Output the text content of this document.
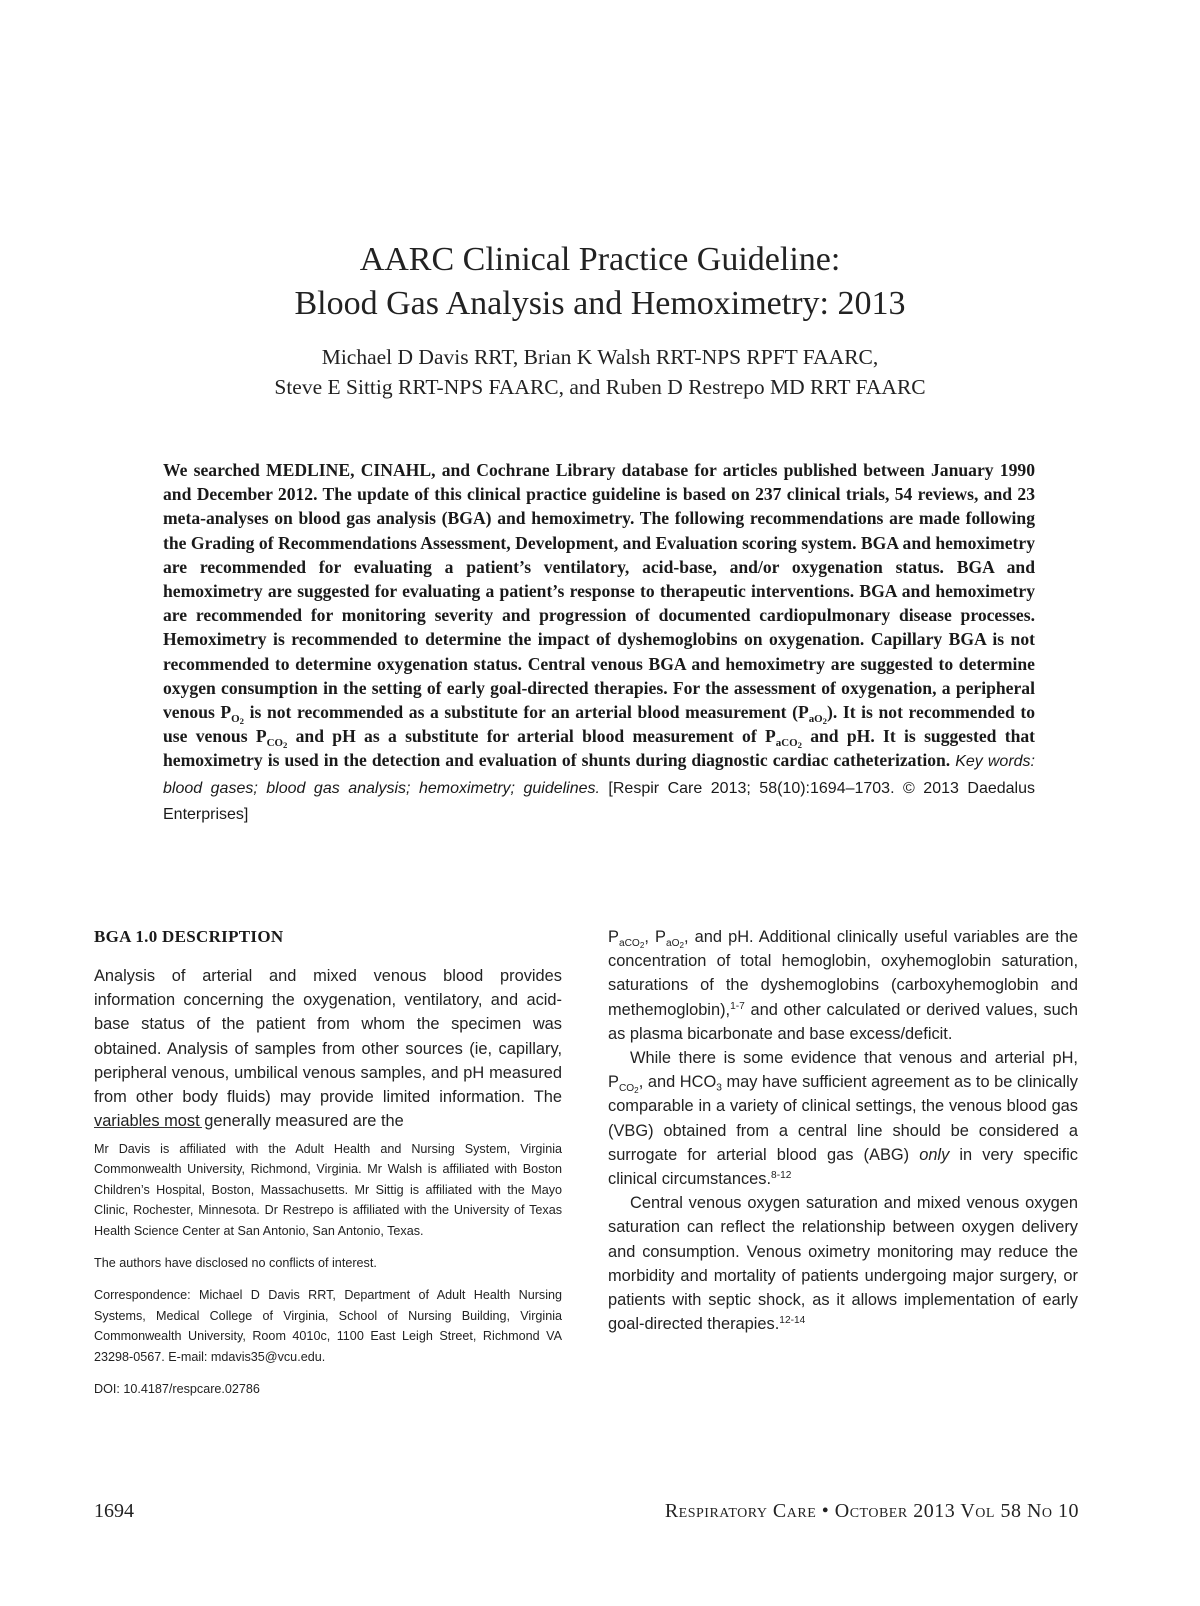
AARC Clinical Practice Guideline:
Blood Gas Analysis and Hemoximetry: 2013
Michael D Davis RRT, Brian K Walsh RRT-NPS RPFT FAARC,
Steve E Sittig RRT-NPS FAARC, and Ruben D Restrepo MD RRT FAARC
We searched MEDLINE, CINAHL, and Cochrane Library database for articles published between January 1990 and December 2012. The update of this clinical practice guideline is based on 237 clinical trials, 54 reviews, and 23 meta-analyses on blood gas analysis (BGA) and hemoximetry. The following recommendations are made following the Grading of Recommendations Assessment, Development, and Evaluation scoring system. BGA and hemoximetry are recommended for evaluating a patient’s ventilatory, acid-base, and/or oxygenation status. BGA and hemoximetry are suggested for evaluating a patient’s response to therapeutic interventions. BGA and hemoximetry are recommended for monitoring severity and progression of documented cardiopulmonary disease processes. Hemoximetry is recommended to determine the impact of dyshemoglobins on oxygenation. Capillary BGA is not recommended to determine oxygenation status. Central venous BGA and hemoximetry are suggested to determine oxygen consumption in the setting of early goal-directed therapies. For the assessment of oxygenation, a peripheral venous $P_{O_2}$ is not recommended as a substitute for an arterial blood measurement $(P_{aO_2})$. It is not recommended to use venous $P_{CO_2}$ and pH as a substitute for arterial blood measurement of $P_{aCO_2}$ and pH. It is suggested that hemoximetry is used in the detection and evaluation of shunts during diagnostic cardiac catheterization. Key words: blood gases; blood gas analysis; hemoximetry; guidelines. [Respir Care 2013; 58(10):1694–1703. © 2013 Daedalus Enterprises]
BGA 1.0 DESCRIPTION

Analysis of arterial and mixed venous blood provides information concerning the oxygenation, ventilatory, and acid-base status of the patient from whom the specimen was obtained. Analysis of samples from other sources (ie, capillary, peripheral venous, umbilical venous samples, and pH measured from other body fluids) may provide limited information. The variables most generally measured are the

$P_{aCO_2}$, $P_{aO_2}$, and pH. Additional clinically useful variables are the concentration of total hemoglobin, oxyhemoglobin saturation, saturations of the dyshemoglobins (carboxyhemoglobin and methemoglobin),$^{1-7}$ and other calculated or derived values, such as plasma bicarbonate and base excess/deficit.

While there is some evidence that venous and arterial pH, $P_{CO_2}$, and $HCO_3$ may have sufficient agreement as to be clinically comparable in a variety of clinical settings, the venous blood gas (VBG) obtained from a central line should be considered a surrogate for arterial blood gas (ABG) only in very specific clinical circumstances.$^{8-12}$

Central venous oxygen saturation and mixed venous oxygen saturation can reflect the relationship between oxygen delivery and consumption. Venous oximetry monitoring may reduce the morbidity and mortality of patients undergoing major surgery, or patients with septic shock, as it allows implementation of early goal-directed therapies.$^{12-14}$

Mr Davis is affiliated with the Adult Health and Nursing System, Virginia Commonwealth University, Richmond, Virginia. Mr Walsh is affiliated with Boston Children’s Hospital, Boston, Massachusetts. Mr Sittig is affiliated with the Mayo Clinic, Rochester, Minnesota. Dr Restrepo is affiliated with the University of Texas Health Science Center at San Antonio, San Antonio, Texas.

The authors have disclosed no conflicts of interest.

Correspondence: Michael D Davis RRT, Department of Adult Health Nursing Systems, Medical College of Virginia, School of Nursing Building, Virginia Commonwealth University, Room 4010c, 1100 East Leigh Street, Richmond VA 23298-0567. E-mail: mdavis35@vcu.edu.

DOI: 10.4187/respcare.02786

1694	Respiratory Care • October 2013 Vol 58 No 10
